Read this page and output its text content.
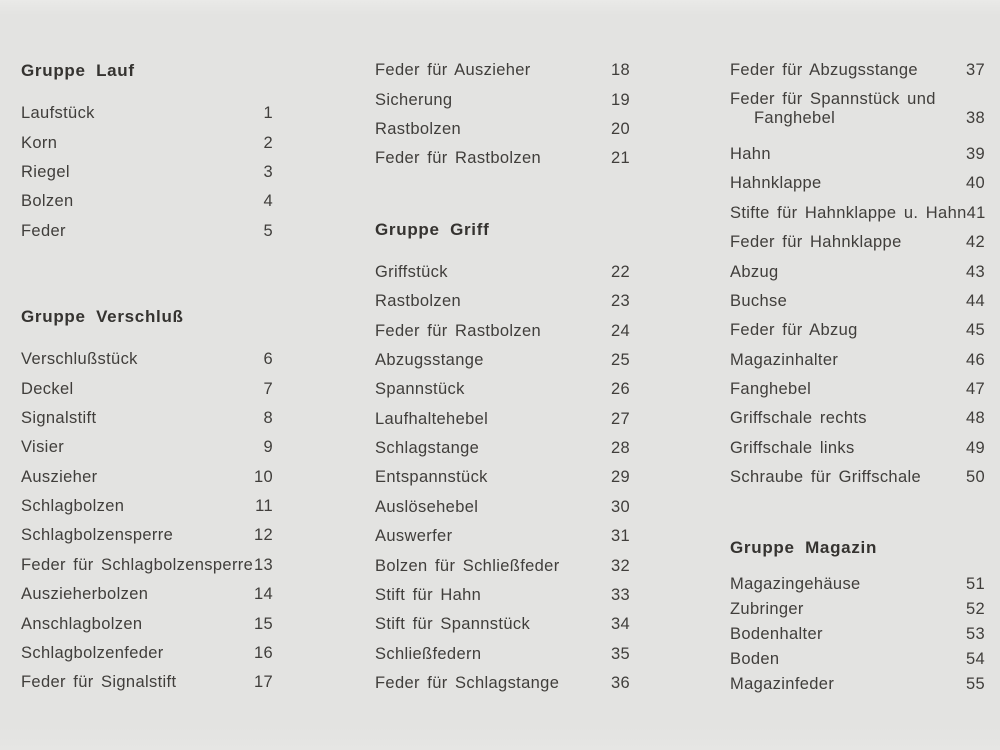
Gruppe Lauf
Laufstück	1
Korn	2
Riegel	3
Bolzen	4
Feder	5
Gruppe Verschluß
Verschlußstück	6
Deckel	7
Signalstift	8
Visier	9
Auszieher	10
Schlagbolzen	11
Schlagbolzensperre	12
Feder für Schlagbolzensperre 13
Auszieherbolzen	14
Anschlagbolzen	15
Schlagbolzenfeder	16
Feder für Signalstift	17
Feder für Auszieher	18
Sicherung	19
Rastbolzen	20
Feder für Rastbolzen	21
Gruppe Griff
Griffstück	22
Rastbolzen	23
Feder für Rastbolzen	24
Abzugsstange	25
Spannstück	26
Laufhaltehebel	27
Schlagstange	28
Entspannstück	29
Auslösehebel	30
Auswerfer	31
Bolzen für Schließfeder	32
Stift für Hahn	33
Stift für Spannstück	34
Schließfedern	35
Feder für Schlagstange	36
Feder für Abzugsstange	37
Feder für Spannstück und
Fanghebel	38
Hahn	39
Hahnklappe	40
Stifte für Hahnklappe u. Hahn 41
Feder für Hahnklappe	42
Abzug	43
Buchse	44
Feder für Abzug	45
Magazinhalter	46
Fanghebel	47
Griffschale rechts	48
Griffschale links	49
Schraube für Griffschale	50
Gruppe Magazin
Magazingehäuse	51
Zubringer	52
Bodenhalter	53
Boden	54
Magazinfeder	55
